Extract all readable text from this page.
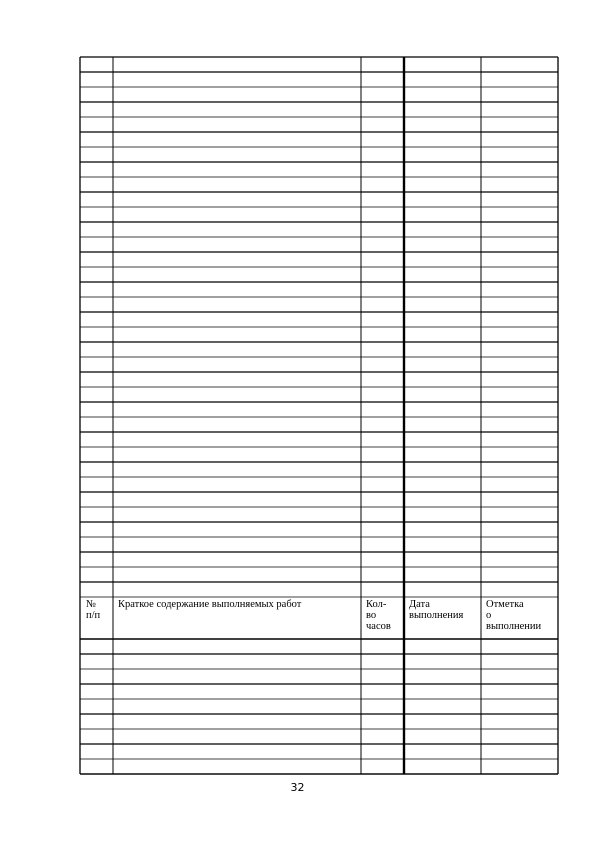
№
п/п
Краткое содержание выполняемых работ	Кол-
во
часов
Дата
выполнения
Отметка
о
выполнении
32
